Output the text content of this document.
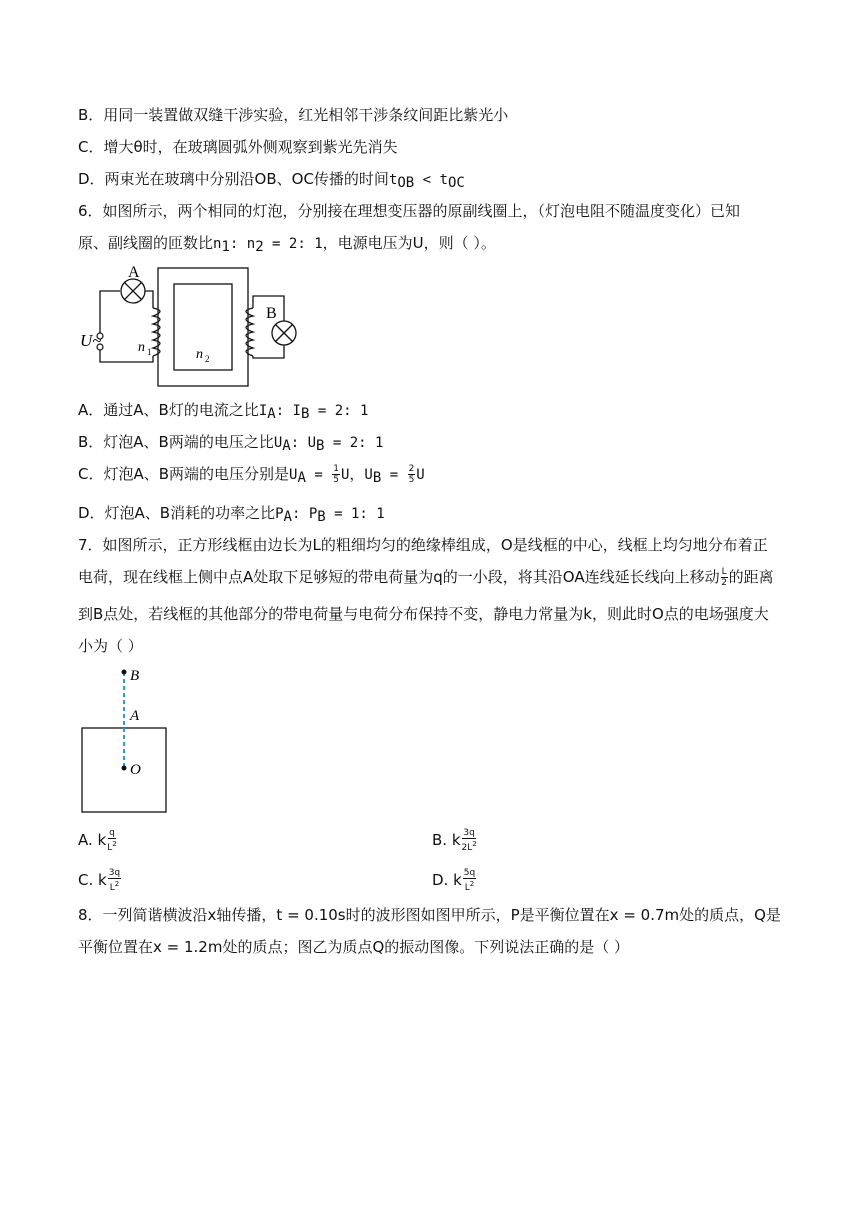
B．用同一装置做双缝干涉实验，红光相邻干涉条纹间距比紫光小
C．增大θ时，在玻璃圆弧外侧观察到紫光先消失
D．两束光在玻璃中分别沿OB、OC传播的时间$t_{OB} < t_{OC}$
6．如图所示，两个相同的灯泡，分别接在理想变压器的原副线圈上，（灯泡电阻不随温度变化）已知
原、副线圈的匝数比$n_1$: $n_2 = 2$: 1，电源电压为U，则（ ）。
A
B
U~	n 1	n 2
A．通过A、B灯的电流之比$I_A$: $I_B = 2$: 1
B．灯泡A、B两端的电压之比$U_A$: $U_B = 2$: 1
C．灯泡A、B两端的电压分别是$U_A = \frac{1}{5}$ U，$U_B = \frac{2}{5}$ U
D．灯泡A、B消耗的功率之比$P_A$: $P_B = 1$: 1
7．如图所示，正方形线框由边长为L的粗细均匀的绝缘棒组成，O是线框的中心，线框上均匀地分布着正
电荷，现在线框上侧中点A处取下足够短的带电荷量为q的一小段，将其沿OA连线延长线向上移动 $\frac{L}{2}$ 的距离
到B点处，若线框的其他部分的带电荷量与电荷分布保持不变，静电力常量为k，则此时O点的电场强度大
小为（ ）
B
A
O
A. k $\frac{q}{L^2}$	B. k $\frac{3q}{2L^2}$
C. k $\frac{3q}{L^2}$	D. k $\frac{5q}{L^2}$
8．一列简谐横波沿x轴传播，t = 0.10s时的波形图如图甲所示，P是平衡位置在x = 0.7m处的质点，Q是
平衡位置在x = 1.2m处的质点；图乙为质点Q的振动图像。下列说法正确的是（ ）
